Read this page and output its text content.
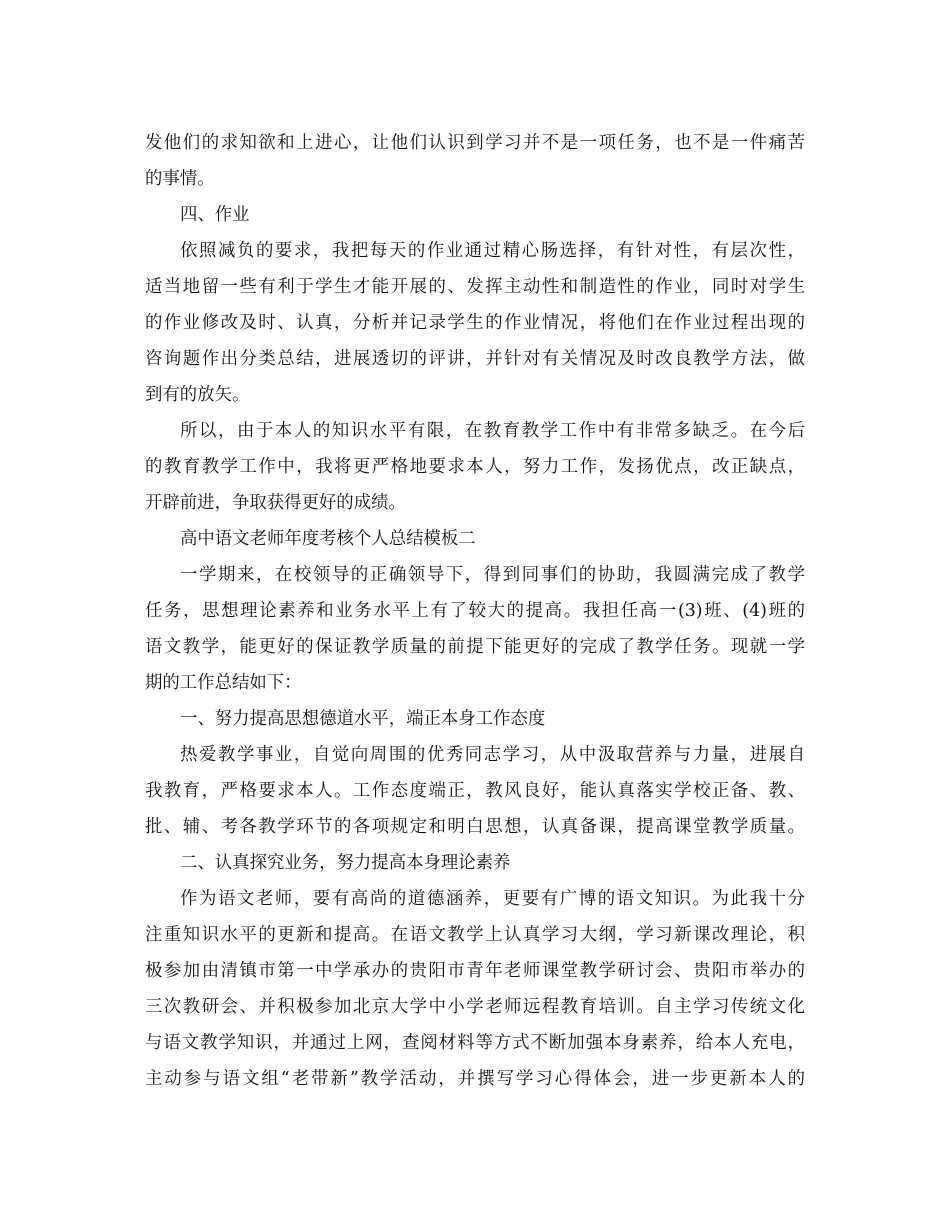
发他们的求知欲和上进心，让他们认识到学习并不是一项任务，也不是一件痛苦
的事情。
四、作业
依照减负的要求，我把每天的作业通过精心肠选择，有针对性，有层次性，
适当地留一些有利于学生才能开展的、发挥主动性和制造性的作业，同时对学生
的作业修改及时、认真，分析并记录学生的作业情况，将他们在作业过程出现的
咨询题作出分类总结，进展透切的评讲，并针对有关情况及时改良教学方法，做
到有的放矢。
所以，由于本人的知识水平有限，在教育教学工作中有非常多缺乏。在今后
的教育教学工作中，我将更严格地要求本人，努力工作，发扬优点，改正缺点，
开辟前进，争取获得更好的成绩。
高中语文老师年度考核个人总结模板二
一学期来，在校领导的正确领导下，得到同事们的协助，我圆满完成了教学
任务，思想理论素养和业务水平上有了较大的提高。我担任高一(3)班、(4)班的
语文教学，能更好的保证教学质量的前提下能更好的完成了教学任务。现就一学
期的工作总结如下：
一、努力提高思想德道水平，端正本身工作态度
热爱教学事业，自觉向周围的优秀同志学习，从中汲取营养与力量，进展自
我教育，严格要求本人。工作态度端正，教风良好，能认真落实学校正备、教、
批、辅、考各教学环节的各项规定和明白思想，认真备课，提高课堂教学质量。
二、认真探究业务，努力提高本身理论素养
作为语文老师，要有高尚的道德涵养，更要有广博的语文知识。为此我十分
注重知识水平的更新和提高。在语文教学上认真学习大纲，学习新课改理论，积
极参加由清镇市第一中学承办的贵阳市青年老师课堂教学研讨会、贵阳市举办的
三次教研会、并积极参加北京大学中小学老师远程教育培训。自主学习传统文化
与语文教学知识，并通过上网，查阅材料等方式不断加强本身素养，给本人充电，
主动参与语文组“老带新”教学活动，并撰写学习心得体会，进一步更新本人的
